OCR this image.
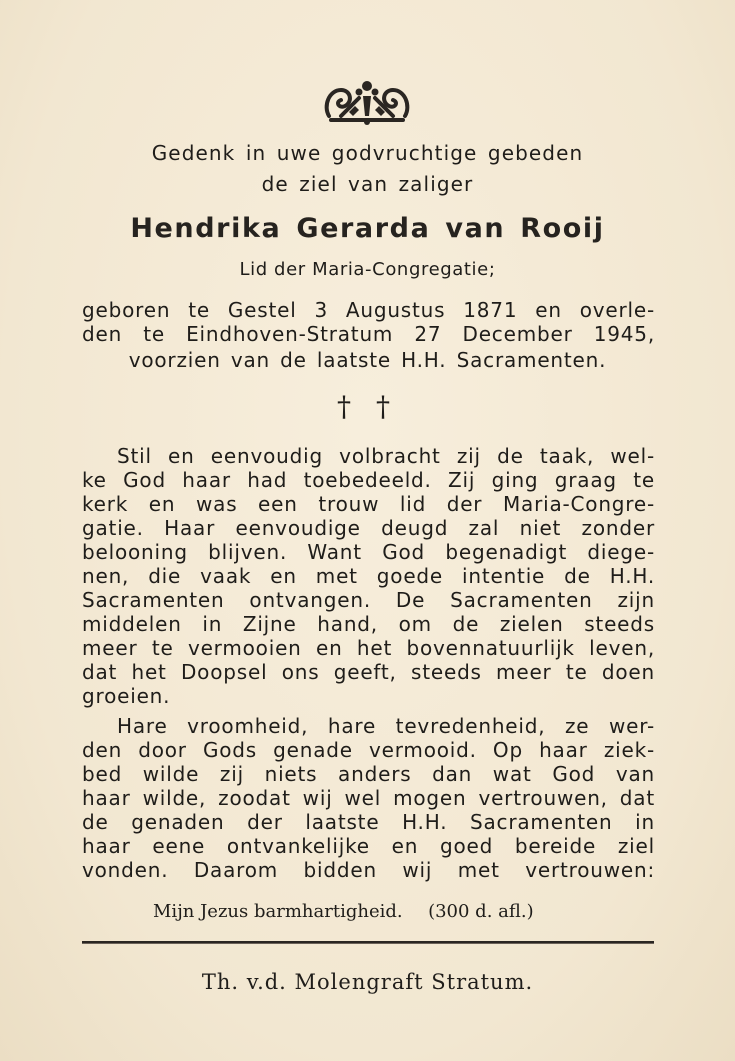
Gedenk in uwe godvruchtige gebeden
de ziel van zaliger
Hendrika Gerarda van Rooij
Lid der Maria-Congregatie;
geboren te Gestel 3 Augustus 1871 en overle-
den te Eindhoven-Stratum 27 December 1945,
voorzien van de laatste H.H. Sacramenten.
† †
Stil en eenvoudig volbracht zij de taak, wel-
ke God haar had toebedeeld. Zij ging graag te
kerk en was een trouw lid der Maria-Congre-
gatie. Haar eenvoudige deugd zal niet zonder
belooning blijven. Want God begenadigt diege-
nen, die vaak en met goede intentie de H.H.
Sacramenten ontvangen. De Sacramenten zijn
middelen in Zijne hand, om de zielen steeds
meer te vermooien en het bovennatuurlijk leven,
dat het Doopsel ons geeft, steeds meer te doen
groeien.
Hare vroomheid, hare tevredenheid, ze wer-
den door Gods genade vermooid. Op haar ziek-
bed wilde zij niets anders dan wat God van
haar wilde, zoodat wij wel mogen vertrouwen, dat
de genaden der laatste H.H. Sacramenten in
haar eene ontvankelijke en goed bereide ziel
vonden. Daarom bidden wij met vertrouwen:
Mijn Jezus barmhartigheid. (300 d. afl.)
Th. v.d. Molengraft Stratum.
